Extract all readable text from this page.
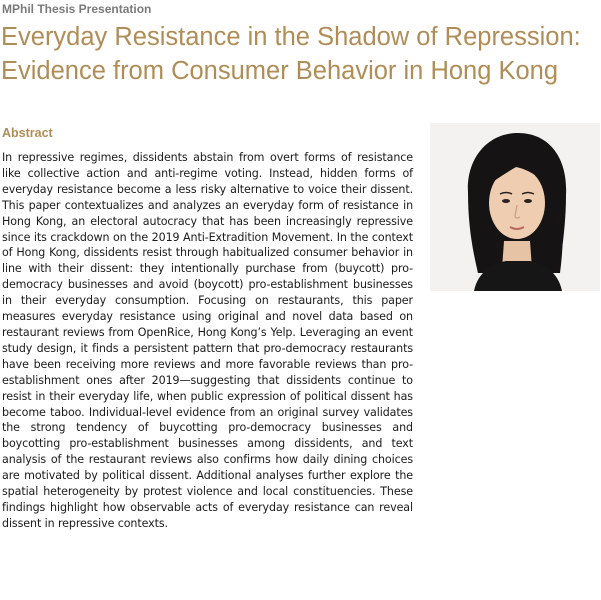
MPhil Thesis Presentation
Everyday Resistance in the Shadow of Repression: Evidence from Consumer Behavior in Hong Kong
Abstract

In repressive regimes, dissidents abstain from overt forms of resistance like collective action and anti-regime voting. Instead, hidden forms of everyday resistance become a less risky alternative to voice their dissent. This paper contextualizes and analyzes an everyday form of resistance in Hong Kong, an electoral autocracy that has been increasingly repressive since its crackdown on the 2019 Anti-Extradition Movement. In the context of Hong Kong, dissidents resist through habitualized consumer behavior in line with their dissent: they intentionally purchase from (buycott) pro-democracy businesses and avoid (boycott) pro-establishment businesses in their everyday consumption. Focusing on restaurants, this paper measures everyday resistance using original and novel data based on restaurant reviews from OpenRice, Hong Kong’s Yelp. Leveraging an event study design, it finds a persistent pattern that pro-democracy restaurants have been receiving more reviews and more favorable reviews than pro-establishment ones after 2019—suggesting that dissidents continue to resist in their everyday life, when public expression of political dissent has become taboo. Individual-level evidence from an original survey validates the strong tendency of buycotting pro-democracy businesses and boycotting pro-establishment businesses among dissidents, and text analysis of the restaurant reviews also confirms how daily dining choices are motivated by political dissent. Additional analyses further explore the spatial heterogeneity by protest violence and local constituencies. These findings highlight how observable acts of everyday resistance can reveal dissent in repressive contexts.
